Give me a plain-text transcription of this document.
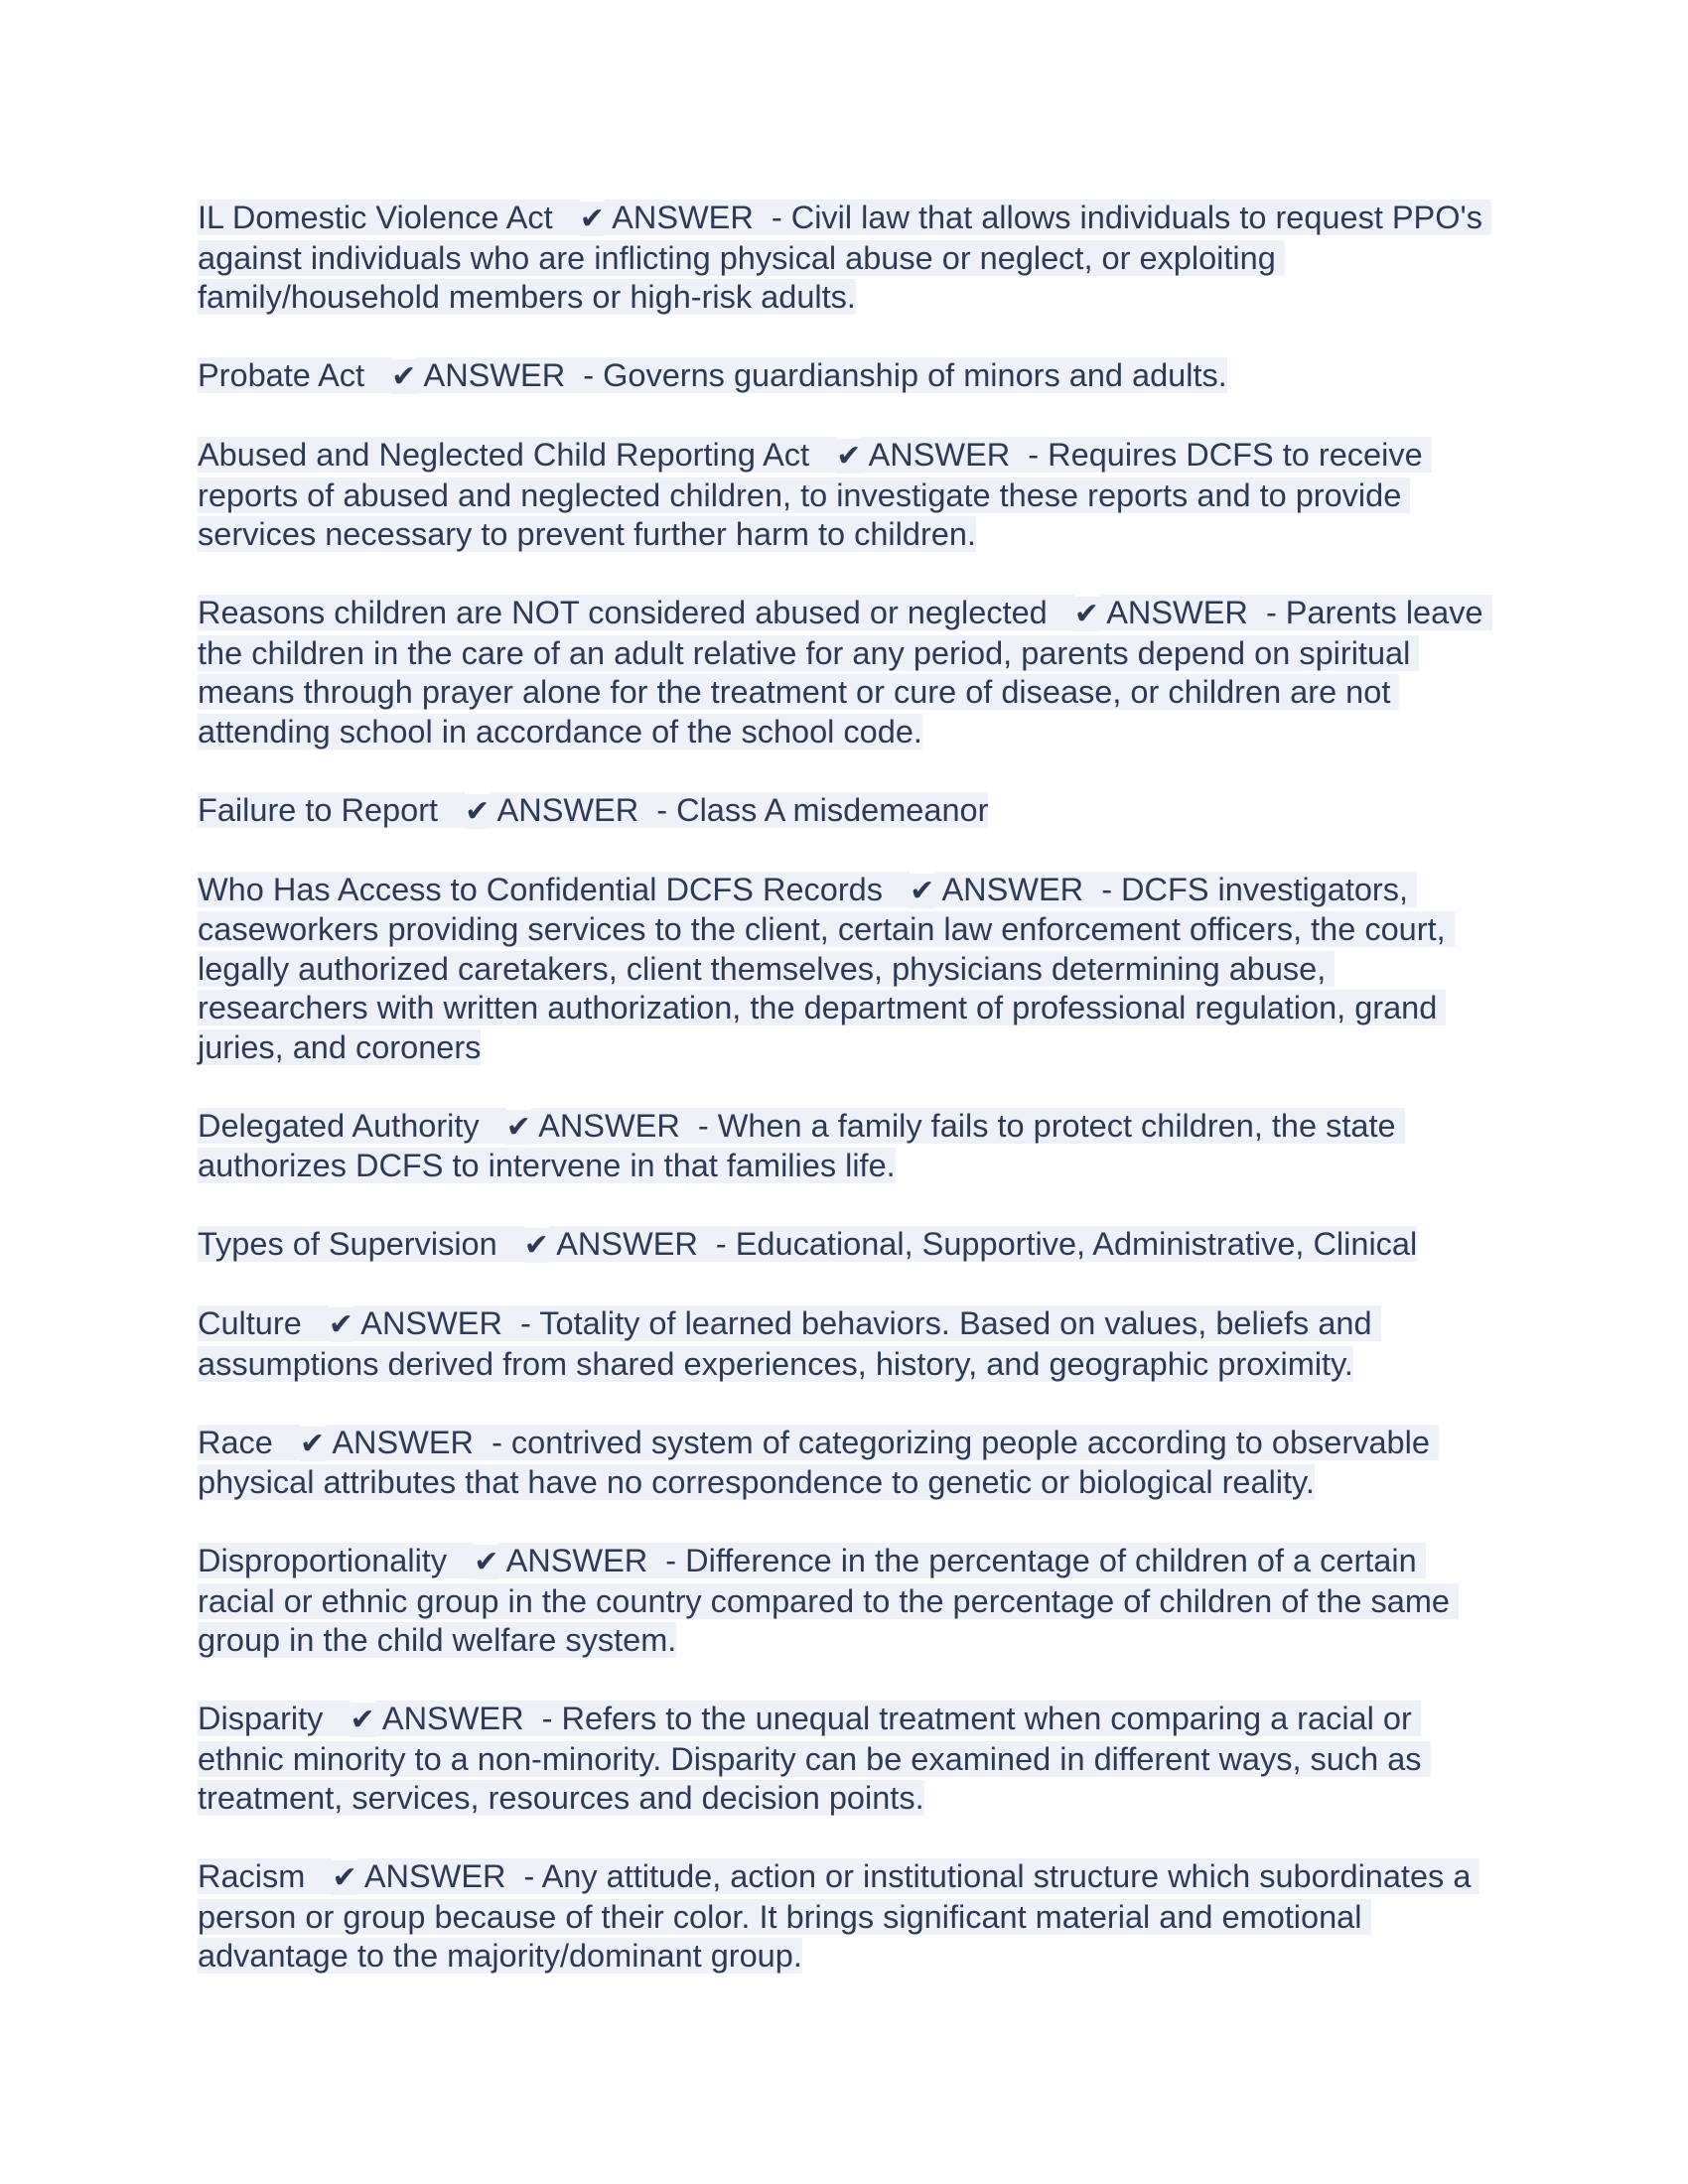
IL Domestic Violence Act ✔ ANSWER - Civil law that allows individuals to request PPO's against individuals who are inflicting physical abuse or neglect, or exploiting family/household members or high-risk adults.

Probate Act ✔ ANSWER - Governs guardianship of minors and adults.

Abused and Neglected Child Reporting Act ✔ ANSWER - Requires DCFS to receive reports of abused and neglected children, to investigate these reports and to provide services necessary to prevent further harm to children.

Reasons children are NOT considered abused or neglected ✔ ANSWER - Parents leave the children in the care of an adult relative for any period, parents depend on spiritual means through prayer alone for the treatment or cure of disease, or children are not attending school in accordance of the school code.

Failure to Report ✔ ANSWER - Class A misdemeanor

Who Has Access to Confidential DCFS Records ✔ ANSWER - DCFS investigators, caseworkers providing services to the client, certain law enforcement officers, the court, legally authorized caretakers, client themselves, physicians determining abuse, researchers with written authorization, the department of professional regulation, grand juries, and coroners

Delegated Authority ✔ ANSWER - When a family fails to protect children, the state authorizes DCFS to intervene in that families life.

Types of Supervision ✔ ANSWER - Educational, Supportive, Administrative, Clinical

Culture ✔ ANSWER - Totality of learned behaviors. Based on values, beliefs and assumptions derived from shared experiences, history, and geographic proximity.

Race ✔ ANSWER - contrived system of categorizing people according to observable physical attributes that have no correspondence to genetic or biological reality.

Disproportionality ✔ ANSWER - Difference in the percentage of children of a certain racial or ethnic group in the country compared to the percentage of children of the same group in the child welfare system.

Disparity ✔ ANSWER - Refers to the unequal treatment when comparing a racial or ethnic minority to a non-minority. Disparity can be examined in different ways, such as treatment, services, resources and decision points.

Racism ✔ ANSWER - Any attitude, action or institutional structure which subordinates a person or group because of their color. It brings significant material and emotional advantage to the majority/dominant group.
